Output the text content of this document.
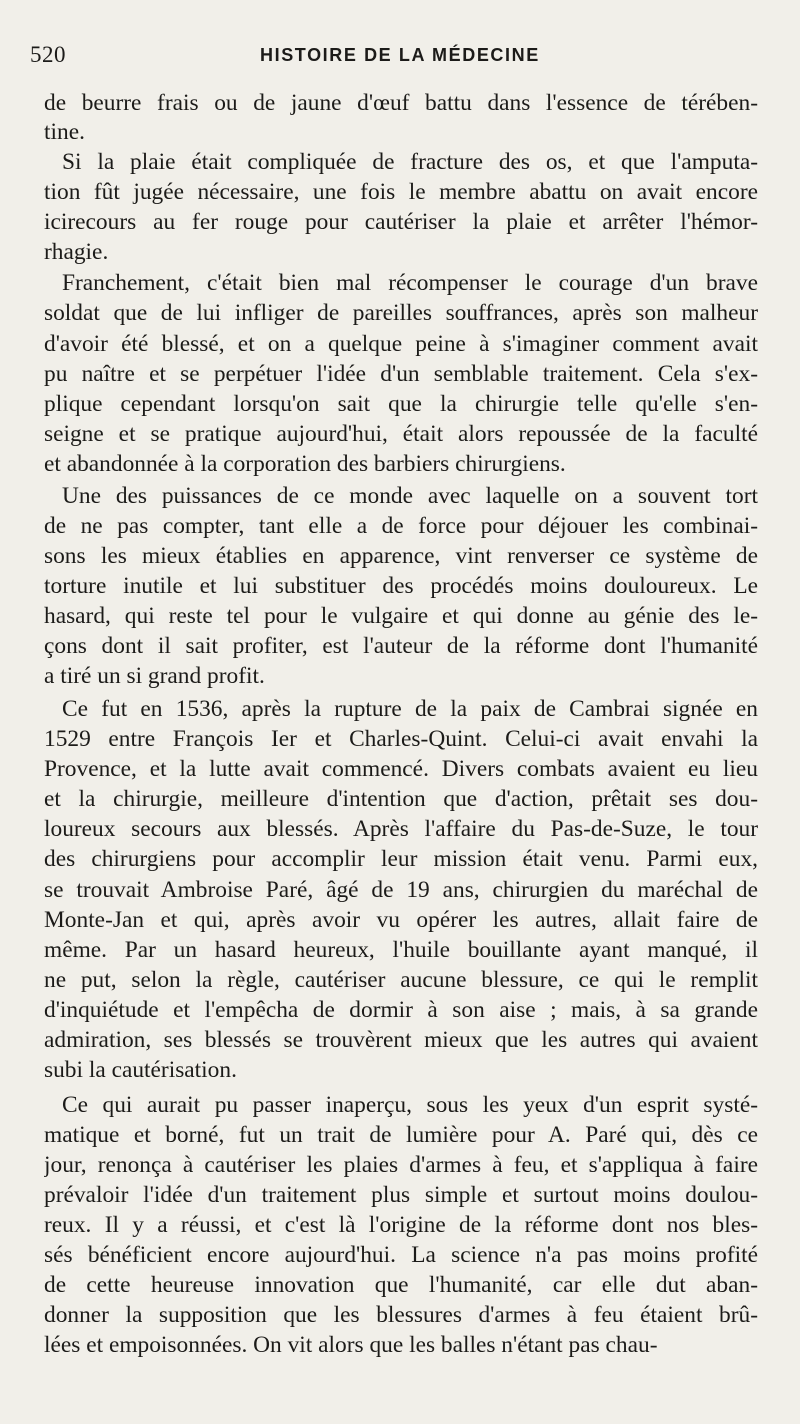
520	HISTOIRE DE LA MÉDECINE
de beurre frais ou de jaune d'œuf battu dans l'essence de térében-
tine.
Si la plaie était compliquée de fracture des os, et que l'amputa-
tion fût jugée nécessaire, une fois le membre abattu on avait encore
icirecours au fer rouge pour cautériser la plaie et arrêter l'hémor-
rhagie.
Franchement, c'était bien mal récompenser le courage d'un brave
soldat que de lui infliger de pareilles souffrances, après son malheur
d'avoir été blessé, et on a quelque peine à s'imaginer comment avait
pu naître et se perpétuer l'idée d'un semblable traitement. Cela s'ex-
plique cependant lorsqu'on sait que la chirurgie telle qu'elle s'en-
seigne et se pratique aujourd'hui, était alors repoussée de la faculté
et abandonnée à la corporation des barbiers chirurgiens.
Une des puissances de ce monde avec laquelle on a souvent tort
de ne pas compter, tant elle a de force pour déjouer les combinai-
sons les mieux établies en apparence, vint renverser ce système de
torture inutile et lui substituer des procédés moins douloureux. Le
hasard, qui reste tel pour le vulgaire et qui donne au génie des le-
çons dont il sait profiter, est l'auteur de la réforme dont l'humanité
a tiré un si grand profit.
Ce fut en 1536, après la rupture de la paix de Cambrai signée en
1529 entre François Ier et Charles-Quint. Celui-ci avait envahi la
Provence, et la lutte avait commencé. Divers combats avaient eu lieu
et la chirurgie, meilleure d'intention que d'action, prêtait ses dou-
loureux secours aux blessés. Après l'affaire du Pas-de-Suze, le tour
des chirurgiens pour accomplir leur mission était venu. Parmi eux,
se trouvait Ambroise Paré, âgé de 19 ans, chirurgien du maréchal de
Monte-Jan et qui, après avoir vu opérer les autres, allait faire de
même. Par un hasard heureux, l'huile bouillante ayant manqué, il
ne put, selon la règle, cautériser aucune blessure, ce qui le remplit
d'inquiétude et l'empêcha de dormir à son aise ; mais, à sa grande
admiration, ses blessés se trouvèrent mieux que les autres qui avaient
subi la cautérisation.
Ce qui aurait pu passer inaperçu, sous les yeux d'un esprit systé-
matique et borné, fut un trait de lumière pour A. Paré qui, dès ce
jour, renonça à cautériser les plaies d'armes à feu, et s'appliqua à faire
prévaloir l'idée d'un traitement plus simple et surtout moins doulou-
reux. Il y a réussi, et c'est là l'origine de la réforme dont nos bles-
sés bénéficient encore aujourd'hui. La science n'a pas moins profité
de cette heureuse innovation que l'humanité, car elle dut aban-
donner la supposition que les blessures d'armes à feu étaient brû-
lées et empoisonnées. On vit alors que les balles n'étant pas chau-
